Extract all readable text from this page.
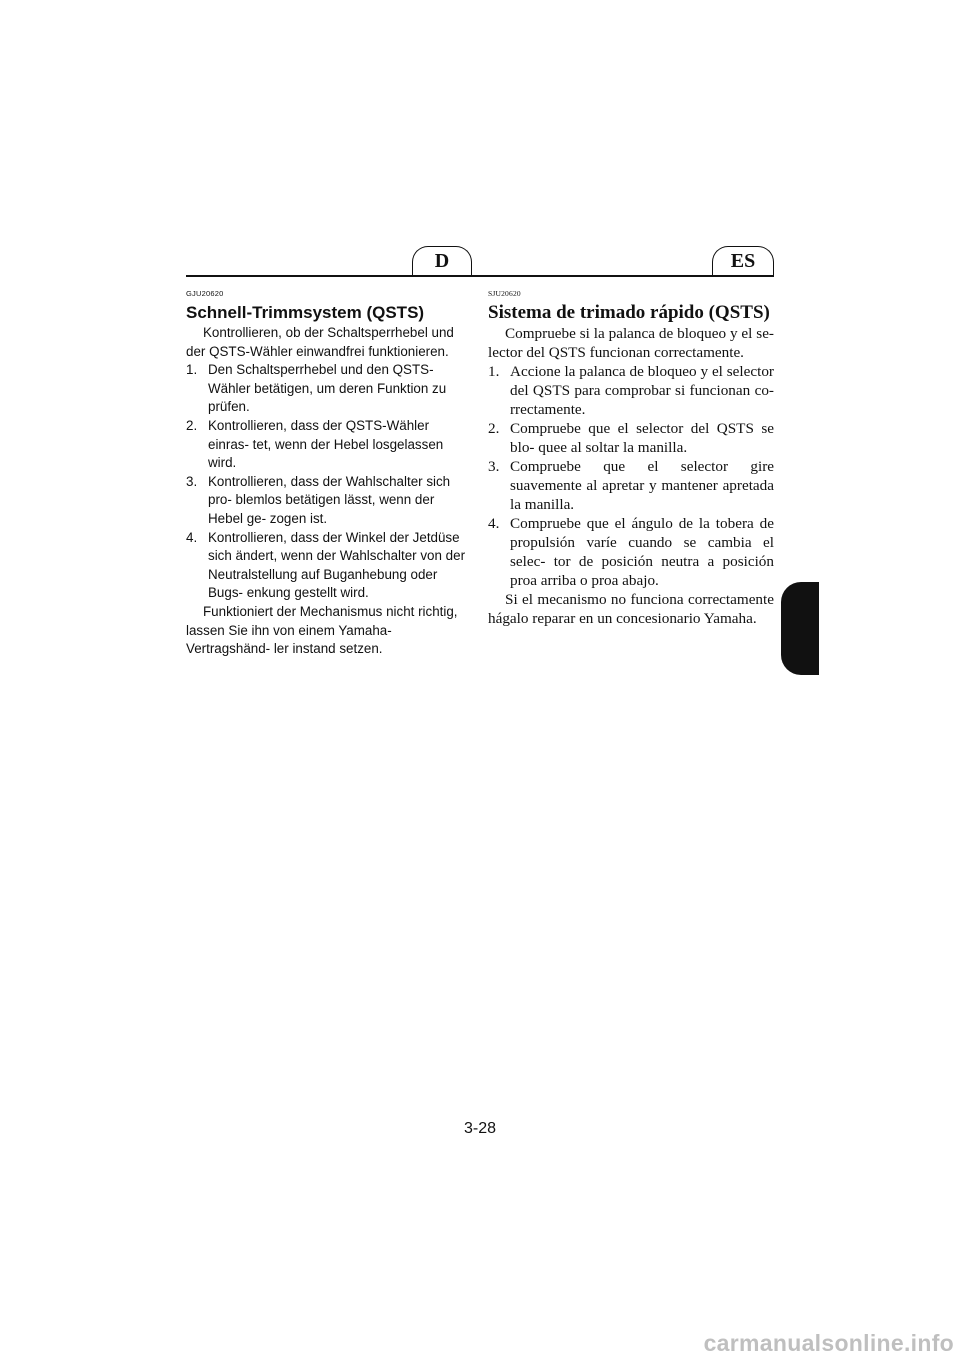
D	ES
GJU20620
Schnell-Trimmsystem (QSTS)

Kontrollieren, ob der Schaltsperrhebel und der QSTS-Wähler einwandfrei funktionieren.

1. Den Schaltsperrhebel und den QSTS-Wähler betätigen, um deren Funktion zu prüfen.
2. Kontrollieren, dass der QSTS-Wähler einras- tet, wenn der Hebel losgelassen wird.
3. Kontrollieren, dass der Wahlschalter sich pro- blemlos betätigen lässt, wenn der Hebel ge- zogen ist.
4. Kontrollieren, dass der Winkel der Jetdüse sich ändert, wenn der Wahlschalter von der Neutralstellung auf Buganhebung oder Bugs- enkung gestellt wird.

Funktioniert der Mechanismus nicht richtig, lassen Sie ihn von einem Yamaha-Vertragshänd- ler instand setzen.

SJU20620
Sistema de trimado rápido (QSTS)

Compruebe si la palanca de bloqueo y el se- lector del QSTS funcionan correctamente.

1. Accione la palanca de bloqueo y el selector del QSTS para comprobar si funcionan co- rrectamente.
2. Compruebe que el selector del QSTS se blo- quee al soltar la manilla.
3. Compruebe que el selector gire suavemente al apretar y mantener apretada la manilla.
4. Compruebe que el ángulo de la tobera de propulsión varíe cuando se cambia el selec- tor de posición neutra a posición proa arriba o proa abajo.

Si el mecanismo no funciona correctamente hágalo reparar en un concesionario Yamaha.

3-28
carmanualsonline.info
